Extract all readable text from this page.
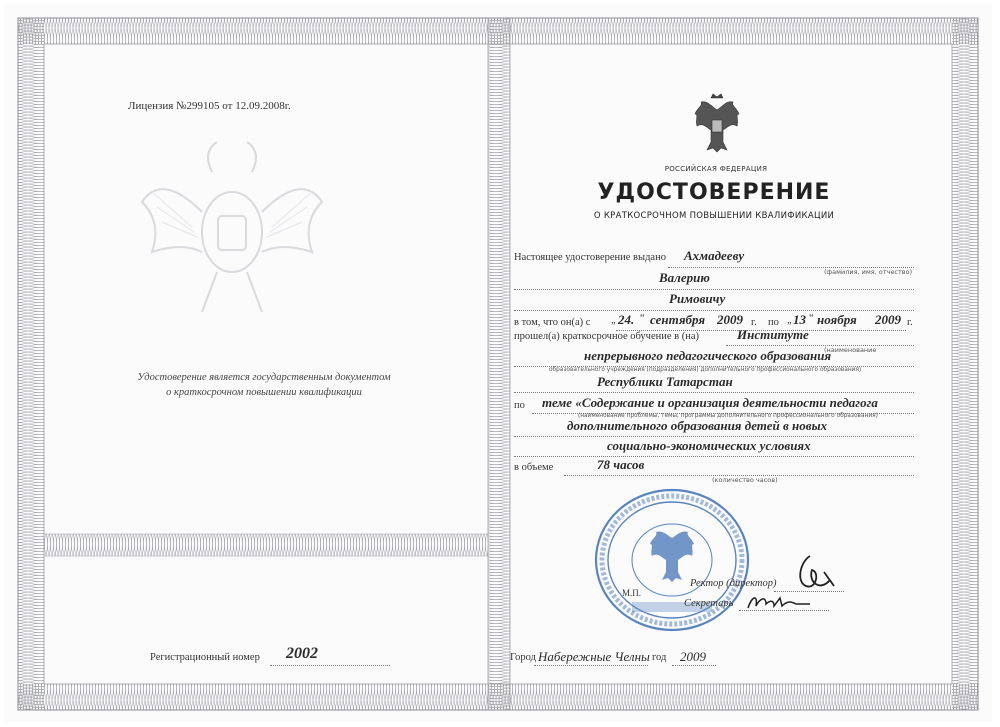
Лицензия №299105 от 12.09.2008г.
Удостоверение является государственным документом
о краткосрочном повышении квалификации
Регистрационный номер 2002
РОССИЙСКАЯ ФЕДЕРАЦИЯ
УДОСТОВЕРЕНИЕ
О КРАТКОСРОЧНОМ ПОВЫШЕНИИ КВАЛИФИКАЦИИ
Настоящее удостоверение выдано Ахмадееву
(фамилия, имя, отчество)
Валерию
Римовичу
в том, что он(а) с „ 24. “ сентября 2009 г. по „ 13 “ ноября 2009 г.
прошел(а) краткосрочное обучение в (на)	Институте
(наименование
непрерывного педагогического образования
образовательного учреждения (подразделения) дополнительного профессионального образования)
Республики Татарстан
по теме «Содержание и организация деятельности педагога
(наименование проблемы, темы, программы дополнительного профессионального образования)
дополнительного образования детей в новых
социально-экономических условиях
в объеме	78 часов
(количество часов)
М.П.
Ректор (директор)
Секретарь
Город Набережные Челны год 2009
